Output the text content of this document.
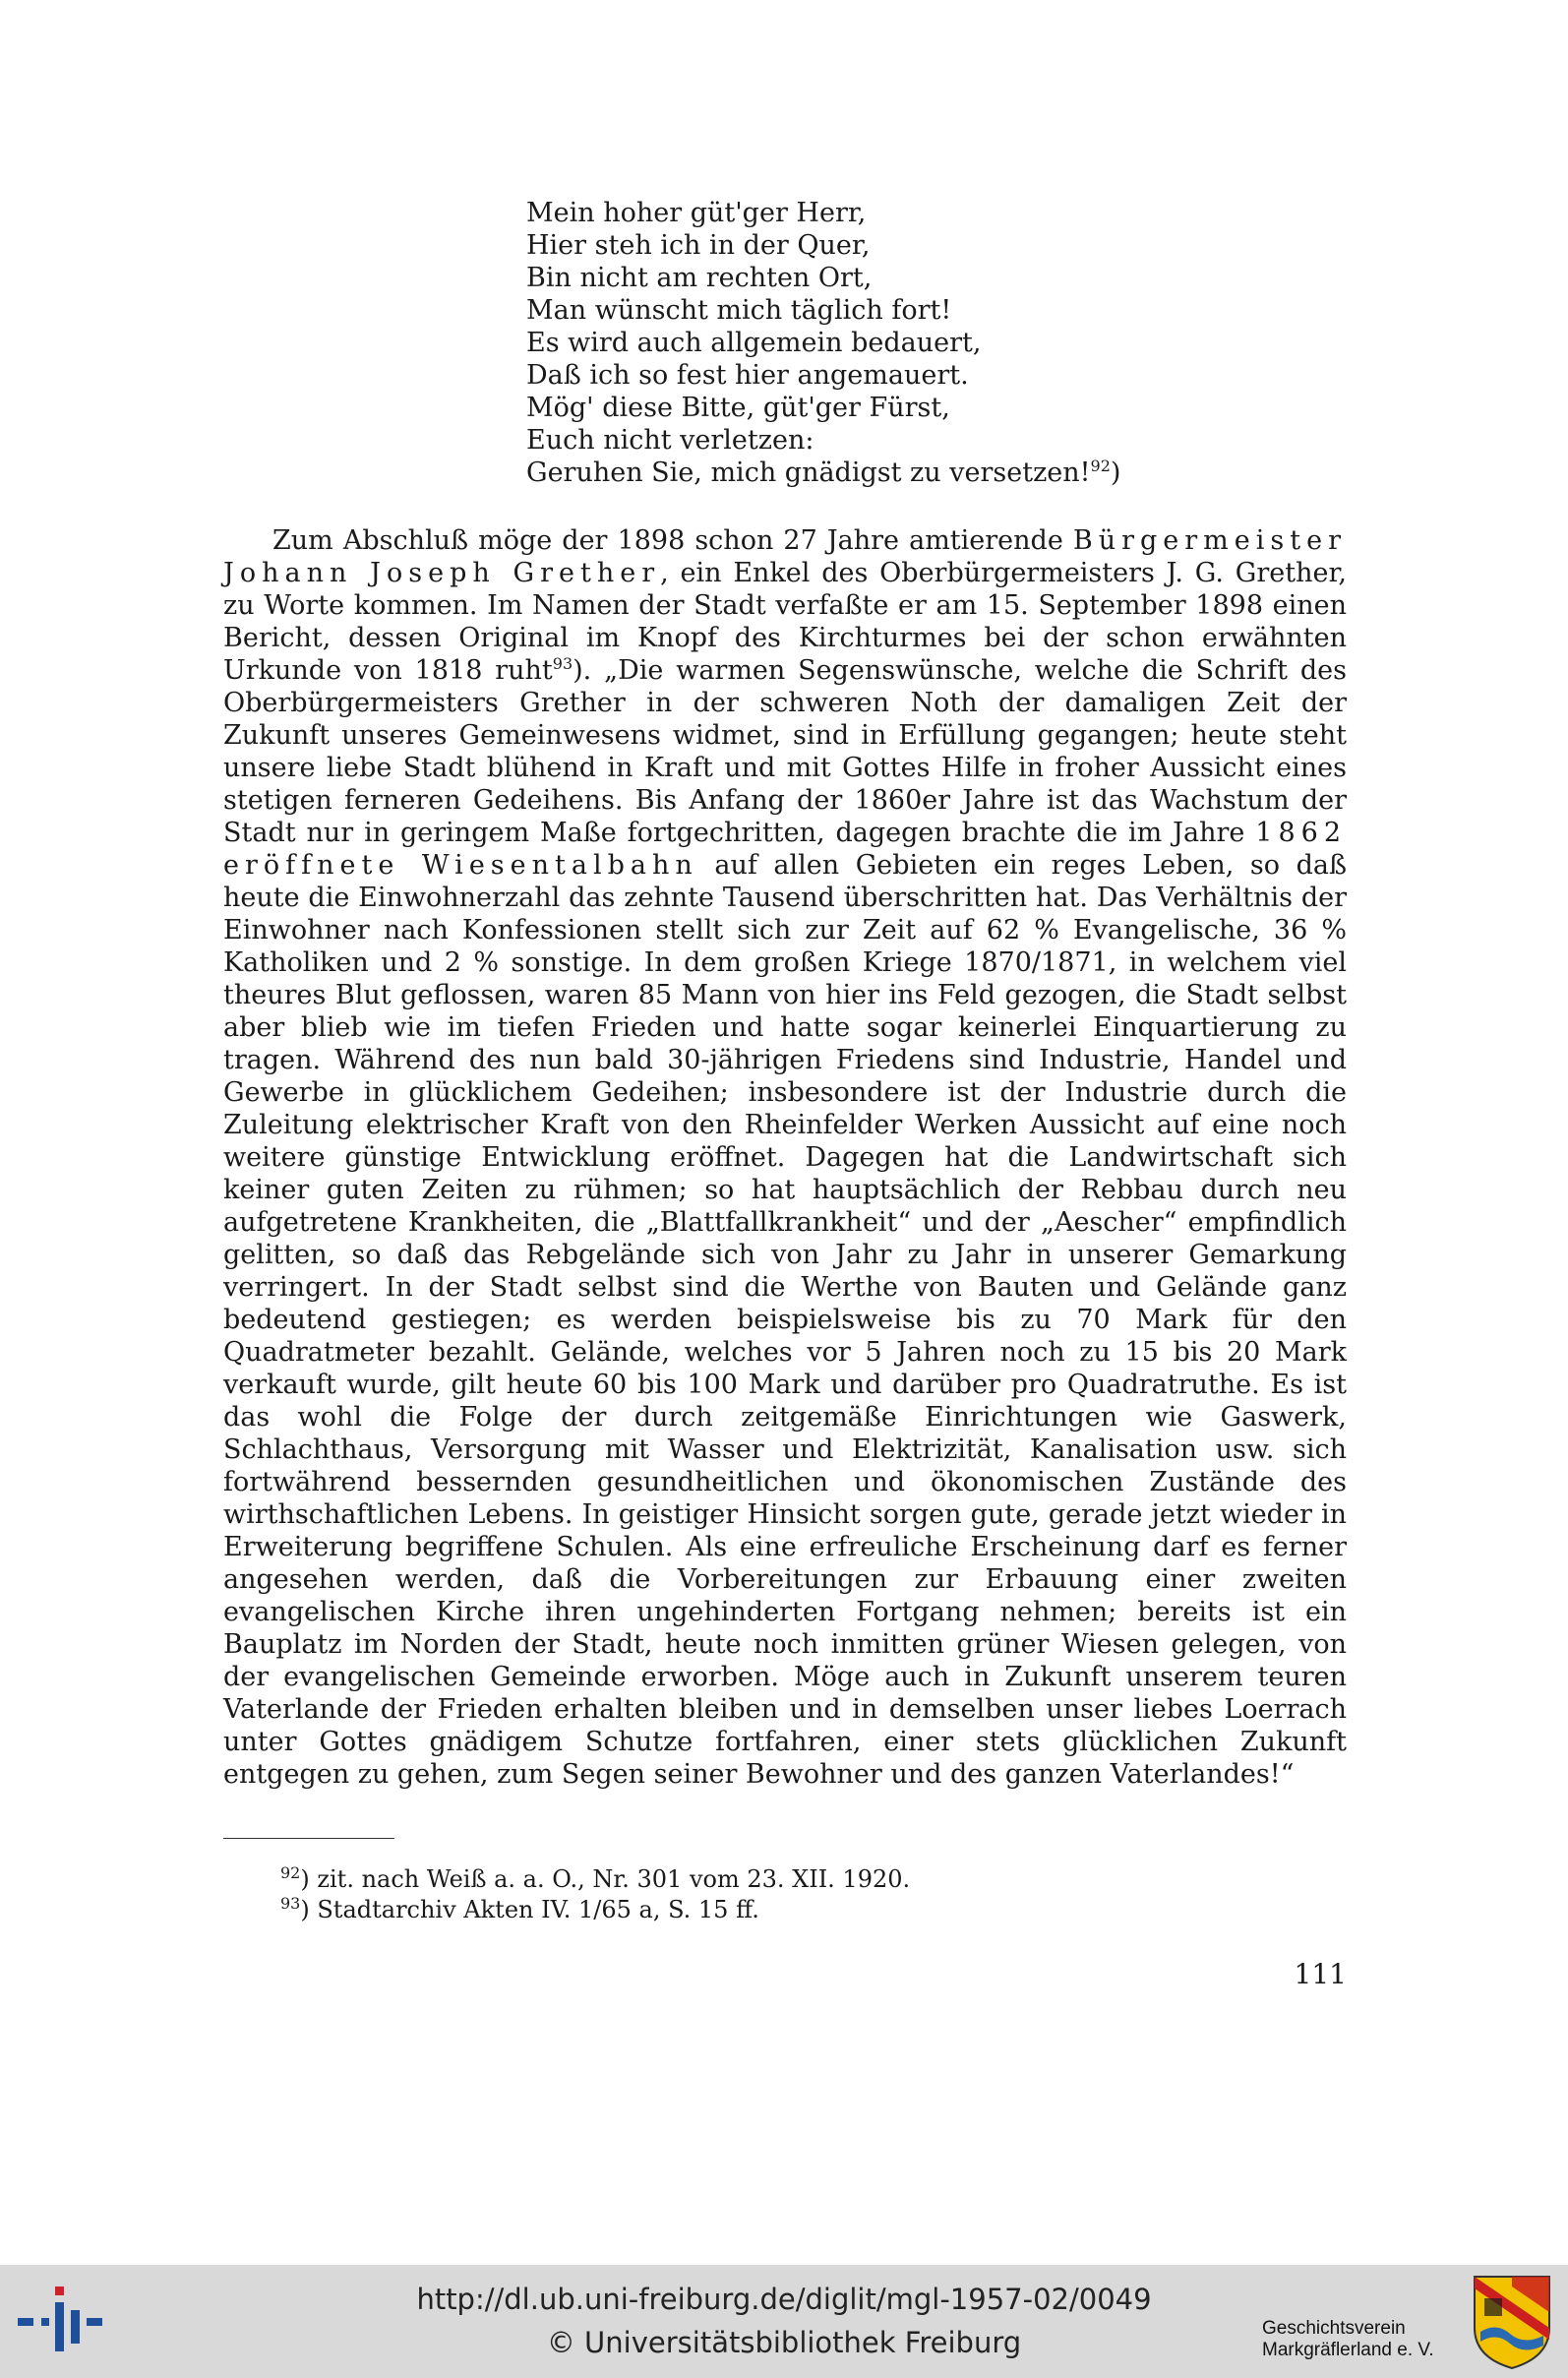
Mein hoher güt'ger Herr,
Hier steh ich in der Quer,
Bin nicht am rechten Ort,
Man wünscht mich täglich fort!
Es wird auch allgemein bedauert,
Daß ich so fest hier angemauert.
Mög' diese Bitte, güt'ger Fürst,
Euch nicht verletzen:
Geruhen Sie, mich gnädigst zu versetzen!$^{92}$)

Zum Abschluß möge der 1898 schon 27 Jahre amtierende Bürgermeister Johann Joseph Grether, ein Enkel des Oberbürgermeisters J. G. Grether, zu Worte kommen. Im Namen der Stadt verfaßte er am 15. September 1898 einen Bericht, dessen Original im Knopf des Kirchturmes bei der schon erwähnten Urkunde von 1818 ruht$^{93}$). „Die warmen Segenswünsche, welche die Schrift des Oberbürgermeisters Grether in der schweren Noth der damaligen Zeit der Zukunft unseres Gemeinwesens widmet, sind in Erfüllung gegangen; heute steht unsere liebe Stadt blühend in Kraft und mit Gottes Hilfe in froher Aussicht eines stetigen ferneren Gedeihens. Bis Anfang der 1860er Jahre ist das Wachstum der Stadt nur in geringem Maße fortgechritten, dagegen brachte die im Jahre 1862 eröffnete Wiesentalbahn auf allen Gebieten ein reges Leben, so daß heute die Einwohnerzahl das zehnte Tausend überschritten hat. Das Verhältnis der Einwohner nach Konfessionen stellt sich zur Zeit auf 62 % Evangelische, 36 % Katholiken und 2 % sonstige. In dem großen Kriege 1870/1871, in welchem viel theures Blut geflossen, waren 85 Mann von hier ins Feld gezogen, die Stadt selbst aber blieb wie im tiefen Frieden und hatte sogar keinerlei Einquartierung zu tragen. Während des nun bald 30-jährigen Friedens sind Industrie, Handel und Gewerbe in glücklichem Gedeihen; insbesondere ist der Industrie durch die Zuleitung elektrischer Kraft von den Rheinfelder Werken Aussicht auf eine noch weitere günstige Entwicklung eröffnet. Dagegen hat die Landwirtschaft sich keiner guten Zeiten zu rühmen; so hat hauptsächlich der Rebbau durch neu aufgetretene Krankheiten, die „Blattfallkrankheit“ und der „Aescher“ empfindlich gelitten, so daß das Rebgelände sich von Jahr zu Jahr in unserer Gemarkung verringert. In der Stadt selbst sind die Werthe von Bauten und Gelände ganz bedeutend gestiegen; es werden beispielsweise bis zu 70 Mark für den Quadratmeter bezahlt. Gelände, welches vor 5 Jahren noch zu 15 bis 20 Mark verkauft wurde, gilt heute 60 bis 100 Mark und darüber pro Quadratruthe. Es ist das wohl die Folge der durch zeitgemäße Einrichtungen wie Gaswerk, Schlachthaus, Versorgung mit Wasser und Elektrizität, Kanalisation usw. sich fortwährend bessernden gesundheitlichen und ökonomischen Zustände des wirthschaftlichen Lebens. In geistiger Hinsicht sorgen gute, gerade jetzt wieder in Erweiterung begriffene Schulen. Als eine erfreuliche Erscheinung darf es ferner angesehen werden, daß die Vorbereitungen zur Erbauung einer zweiten evangelischen Kirche ihren ungehinderten Fortgang nehmen; bereits ist ein Bauplatz im Norden der Stadt, heute noch inmitten grüner Wiesen gelegen, von der evangelischen Gemeinde erworben. Möge auch in Zukunft unserem teuren Vaterlande der Frieden erhalten bleiben und in demselben unser liebes Loerrach unter Gottes gnädigem Schutze fortfahren, einer stets glücklichen Zukunft entgegen zu gehen, zum Segen seiner Bewohner und des ganzen Vaterlandes!“

$^{92}$) zit. nach Weiß a. a. O., Nr. 301 vom 23. XII. 1920.
$^{93}$) Stadtarchiv Akten IV. 1/65 a, S. 15 ff.
111
http://dl.ub.uni-freiburg.de/diglit/mgl-1957-02/0049
© Universitätsbibliothek Freiburg	Geschichtsverein
Markgräflerland e. V.
